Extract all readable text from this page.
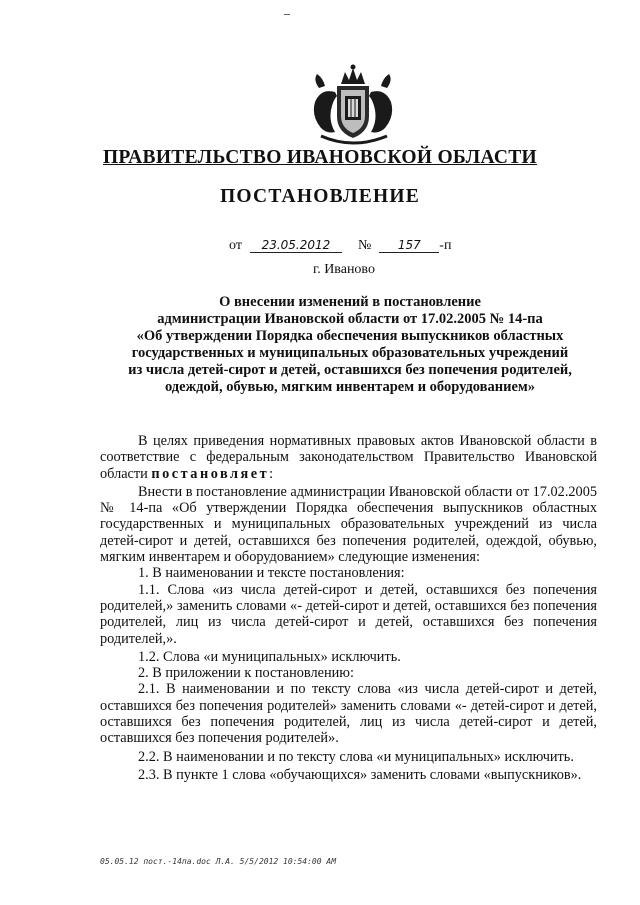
ПРАВИТЕЛЬСТВО ИВАНОВСКОЙ ОБЛАСТИ
ПОСТАНОВЛЕНИЕ
от 23.05.2012 № 157 -п
г. Иваново
О внесении изменений в постановление
администрации Ивановской области от 17.02.2005 № 14-па
«Об утверждении Порядка обеспечения выпускников областных
государственных и муниципальных образовательных учреждений
из числа детей-сирот и детей, оставшихся без попечения родителей,
одеждой, обувью, мягким инвентарем и оборудованием»

В целях приведения нормативных правовых актов Ивановской области в соответствие с федеральным законодательством Правительство Ивановской области постановляет:

Внести в постановление администрации Ивановской области от 17.02.2005 № 14-па «Об утверждении Порядка обеспечения выпускников областных государственных и муниципальных образовательных учреждений из числа детей-сирот и детей, оставшихся без попечения родителей, одеждой, обувью, мягким инвентарем и оборудованием» следующие изменения:

1. В наименовании и тексте постановления:

1.1. Слова «из числа детей-сирот и детей, оставшихся без попечения родителей,» заменить словами «- детей-сирот и детей, оставшихся без попечения родителей, лиц из числа детей-сирот и детей, оставшихся без попечения родителей,».

1.2. Слова «и муниципальных» исключить.

2. В приложении к постановлению:

2.1. В наименовании и по тексту слова «из числа детей-сирот и детей, оставшихся без попечения родителей» заменить словами «- детей-сирот и детей, оставшихся без попечения родителей, лиц из числа детей-сирот и детей, оставшихся без попечения родителей».

2.2. В наименовании и по тексту слова «и муниципальных» исключить.

2.3. В пункте 1 слова «обучающихся» заменить словами «выпускников».

05.05.12 пост.-14па.doc Л.А. 5/5/2012 10:54:00 AM
